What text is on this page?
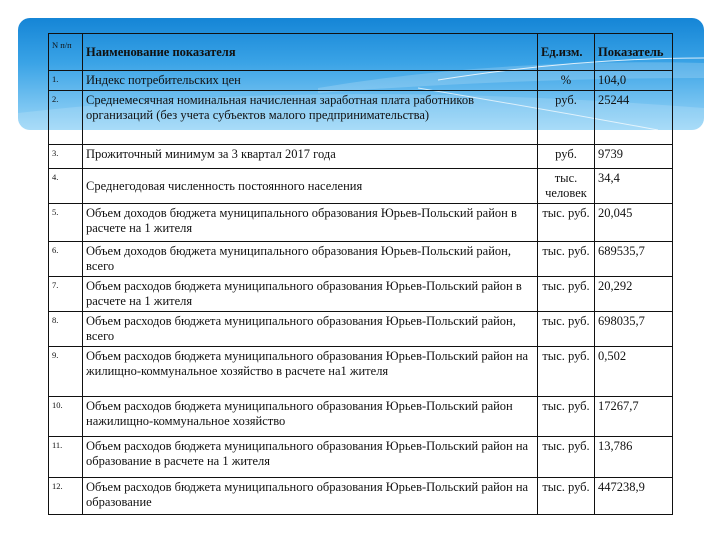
N п/п	Наименование показателя	Ед.изм.	Показатель
1.	Индекс потребительских цен	%	104,0
2.	Среднемесячная номинальная начисленная заработная плата работников организаций (без учета субъектов малого предпринимательства)	руб.	25244
3.	Прожиточный минимум за 3 квартал 2017 года	руб.	9739
4.	Среднегодовая численность постоянного населения	тыс. человек	34,4
5.	Объем доходов бюджета муниципального образования Юрьев-Польский район в расчете на 1 жителя	тыс. руб.	20,045
6.	Объем доходов бюджета муниципального образования Юрьев-Польский район, всего	тыс. руб.	689535,7
7.	Объем расходов бюджета муниципального образования Юрьев-Польский район в расчете на 1 жителя	тыс. руб.	20,292
8.	Объем расходов бюджета муниципального образования Юрьев-Польский район, всего	тыс. руб.	698035,7
9.	Объем расходов бюджета муниципального образования Юрьев-Польский район на жилищно-коммунальное хозяйство в расчете на1 жителя	тыс. руб.	0,502
10.	Объем расходов бюджета муниципального образования Юрьев-Польский район нажилищно-коммунальное хозяйство	тыс. руб.	17267,7
11.	Объем расходов бюджета муниципального образования Юрьев-Польский район на образование в расчете на 1 жителя	тыс. руб.	13,786
12.	Объем расходов бюджета муниципального образования Юрьев-Польский район на образование	тыс. руб.	447238,9
